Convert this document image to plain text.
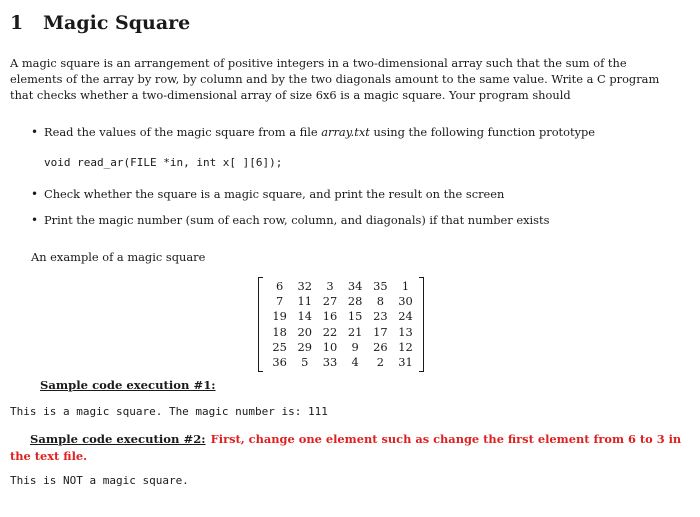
1 Magic Square
A magic square is an arrangement of positive integers in a two-dimensional array such that the sum of the elements of the array by row, by column and by the two diagonals amount to the same value. Write a C program that checks whether a two-dimensional array of size 6x6 is a magic square. Your program should
• Read the values of the magic square from a file array.txt using the following function prototype
void read_ar(FILE *in, int x[ ][6]);
• Check whether the square is a magic square, and print the result on the screen
• Print the magic number (sum of each row, column, and diagonals) if that number exists
An example of a magic square
6	32	3	34	35	1
7	11	27	28	8	30
19	14	16	15	23	24
18	20	22	21	17	13
25	29	10	9	26	12
36	5	33	4	2	31
Sample code execution #1:
This is a magic square. The magic number is: 111
Sample code execution #2: First, change one element such as change the first element from 6 to 3 in the text file.
This is NOT a magic square.
